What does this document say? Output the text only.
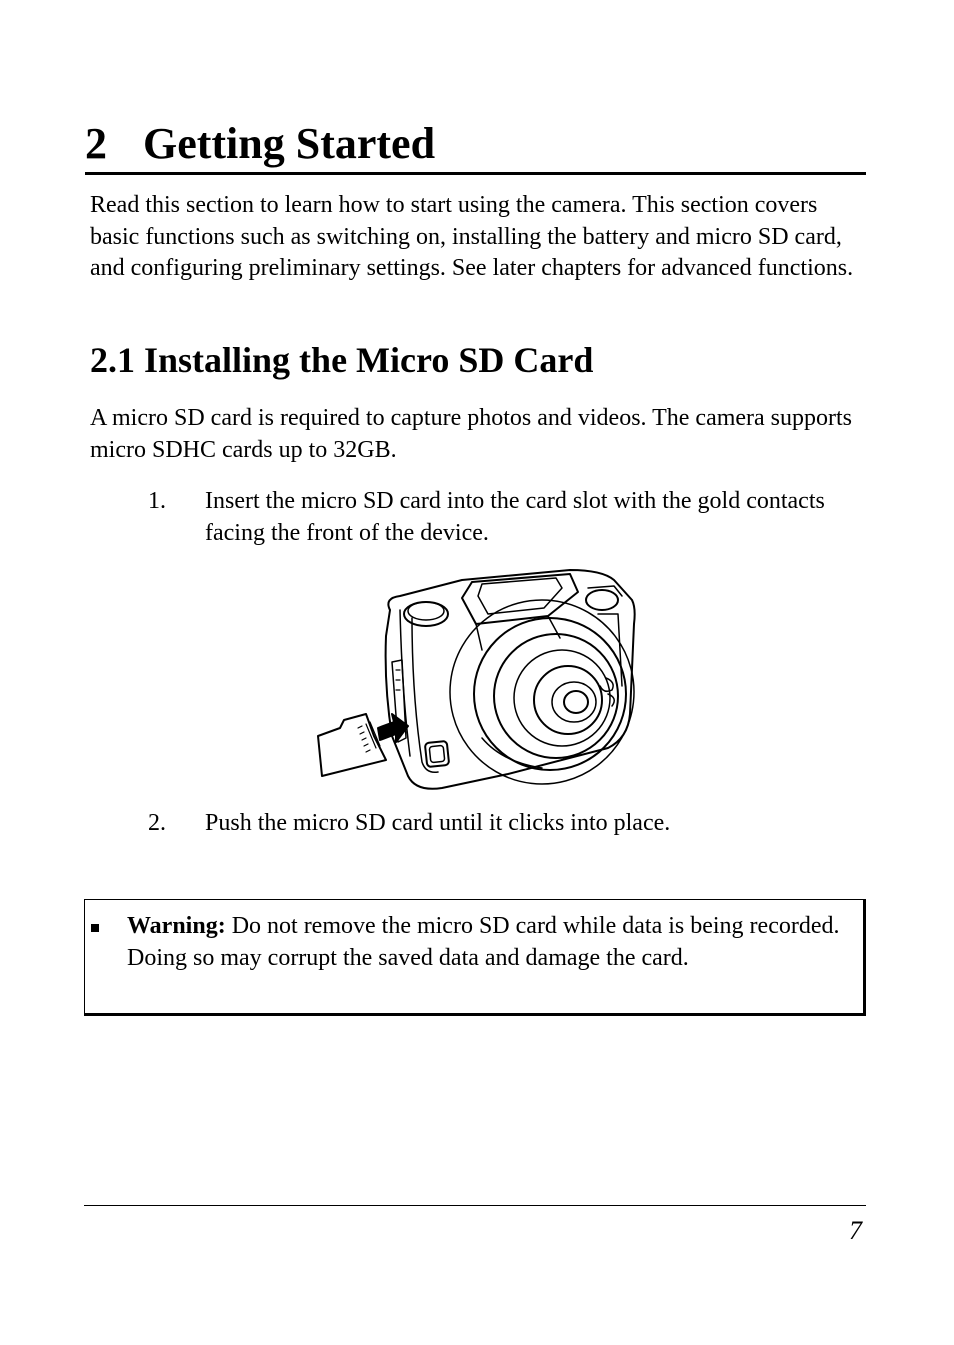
2 Getting Started

Read this section to learn how to start using the camera. This section covers basic functions such as switching on, installing the battery and micro SD card, and configuring preliminary settings. See later chapters for advanced functions.

2.1 Installing the Micro SD Card

A micro SD card is required to capture photos and videos. The camera supports micro SDHC cards up to 32GB.

1. Insert the micro SD card into the card slot with the gold contacts facing the front of the device.
2. Push the micro SD card until it clicks into place.

Warning: Do not remove the micro SD card while data is being recorded. Doing so may corrupt the saved data and damage the card.

7
